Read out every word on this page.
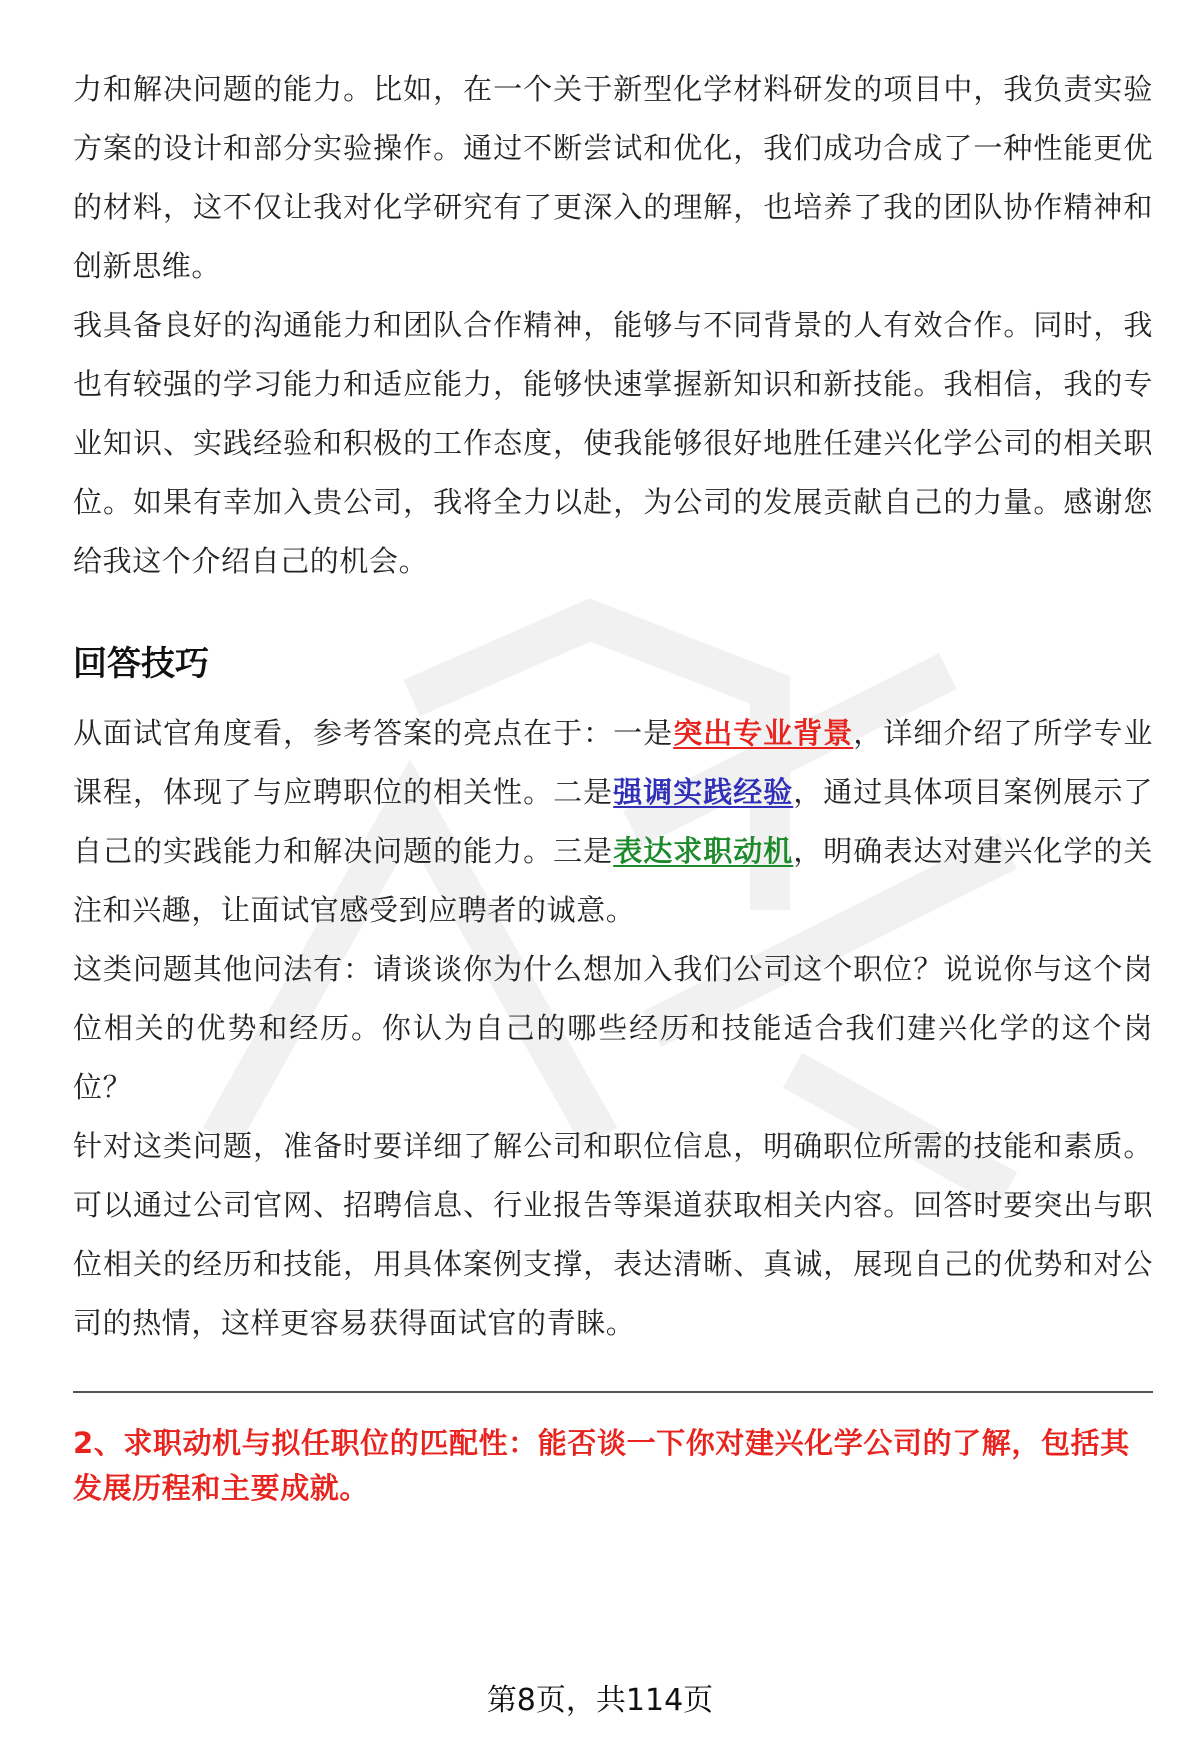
力和解决问题的能力。比如，在一个关于新型化学材料研发的项目中，我负责实验方案的设计和部分实验操作。通过不断尝试和优化，我们成功合成了一种性能更优的材料，这不仅让我对化学研究有了更深入的理解，也培养了我的团队协作精神和创新思维。

我具备良好的沟通能力和团队合作精神，能够与不同背景的人有效合作。同时，我也有较强的学习能力和适应能力，能够快速掌握新知识和新技能。我相信，我的专业知识、实践经验和积极的工作态度，使我能够很好地胜任建兴化学公司的相关职位。如果有幸加入贵公司，我将全力以赴，为公司的发展贡献自己的力量。感谢您给我这个介绍自己的机会。

回答技巧

从面试官角度看，参考答案的亮点在于：一是突出专业背景，详细介绍了所学专业课程，体现了与应聘职位的相关性。二是强调实践经验，通过具体项目案例展示了自己的实践能力和解决问题的能力。三是表达求职动机，明确表达对建兴化学的关注和兴趣，让面试官感受到应聘者的诚意。

这类问题其他问法有：请谈谈你为什么想加入我们公司这个职位？说说你与这个岗位相关的优势和经历。你认为自己的哪些经历和技能适合我们建兴化学的这个岗位？

针对这类问题，准备时要详细了解公司和职位信息，明确职位所需的技能和素质。可以通过公司官网、招聘信息、行业报告等渠道获取相关内容。回答时要突出与职位相关的经历和技能，用具体案例支撑，表达清晰、真诚，展现自己的优势和对公司的热情，这样更容易获得面试官的青睐。

2、求职动机与拟任职位的匹配性：能否谈一下你对建兴化学公司的了解，包括其发展历程和主要成就。
第8页，共114页
